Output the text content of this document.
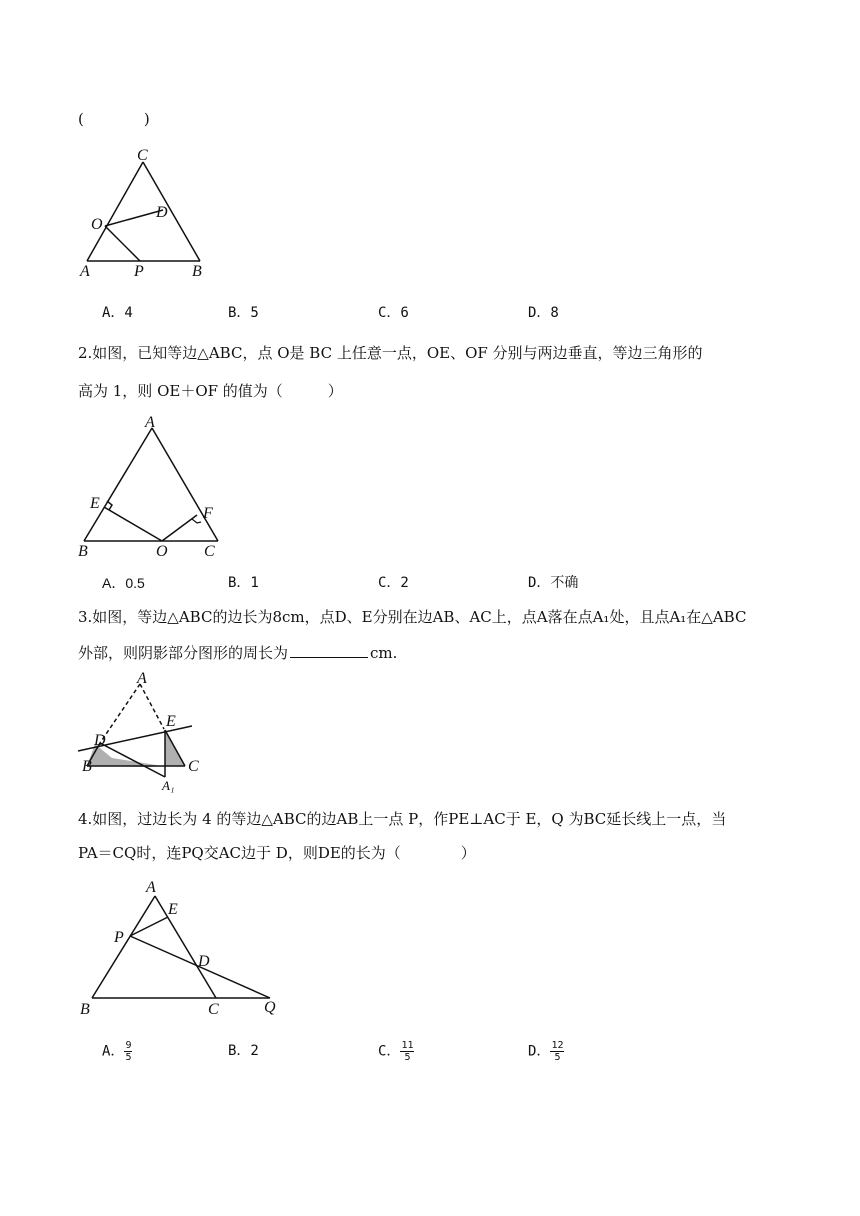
(　　　　)
C
O
D
A	P	B
A．4	B．5	C．6	D．8
2.如图，已知等边△ABC，点 O是 BC 上任意一点，OE、OF 分别与两边垂直，等边三角形的
高为 1，则 OE＋OF 的值为（　　　）
A
E
F
B	O C
A．0.5	B．1	C．2	D．不确
3.如图，等边△ABC的边长为8cm，点D、E分别在边AB、AC上，点A落在点A₁处，且点A₁在△ABC
外部，则阴影部分图形的周长为	cm.
A
E
D
B	C
A₁
4.如图，过边长为 4 的等边△ABC的边AB上一点 P，作PE⊥AC于 E，Q 为BC延长线上一点，当
PA＝CQ时，连PQ交AC边于 D，则DE的长为（　　　　）
A
E
P
D
B	C	Q
A． $\frac{9}{5}$	B．2	C． $\frac{11}{5}$	D． $\frac{12}{5}$
